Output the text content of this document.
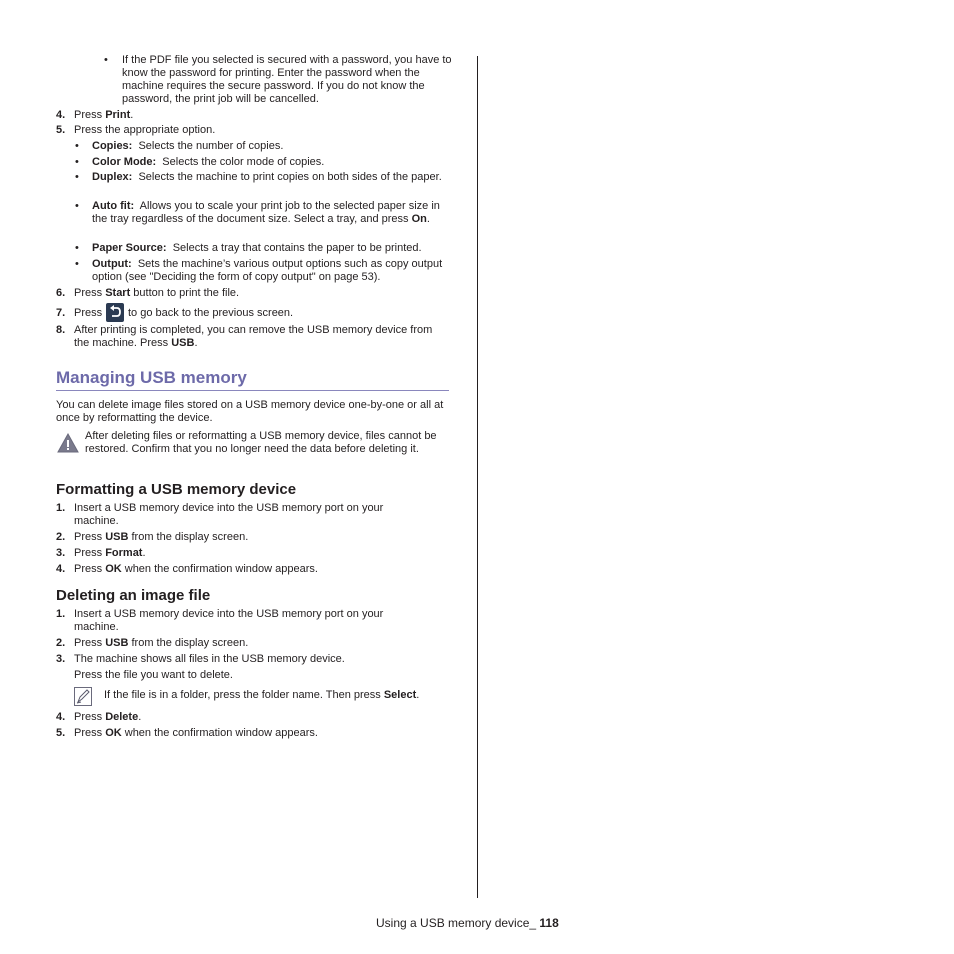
• If the PDF file you selected is secured with a password, you have to know the password for printing. Enter the password when the machine requires the secure password. If you do not know the password, the print job will be cancelled.
4. Press Print.
5. Press the appropriate option.
• Copies: Selects the number of copies.
• Color Mode: Selects the color mode of copies.
• Duplex: Selects the machine to print copies on both sides of the paper.
• Auto fit: Allows you to scale your print job to the selected paper size in the tray regardless of the document size. Select a tray, and press On.
• Paper Source: Selects a tray that contains the paper to be printed.
• Output: Sets the machine’s various output options such as copy output option (see "Deciding the form of copy output" on page 53).
6. Press Start button to print the file.
7. Press to go back to the previous screen.
8. After printing is completed, you can remove the USB memory device from the machine. Press USB.
Managing USB memory
You can delete image files stored on a USB memory device one-by-one or all at once by reformatting the device.
After deleting files or reformatting a USB memory device, files cannot be restored. Confirm that you no longer need the data before deleting it.
Formatting a USB memory device
1. Insert a USB memory device into the USB memory port on your machine.
2. Press USB from the display screen.
3. Press Format.
4. Press OK when the confirmation window appears.
Deleting an image file
1. Insert a USB memory device into the USB memory port on your machine.
2. Press USB from the display screen.
3. The machine shows all files in the USB memory device.
Press the file you want to delete.
If the file is in a folder, press the folder name. Then press Select.
4. Press Delete.
5. Press OK when the confirmation window appears.
Using a USB memory device_ 118
